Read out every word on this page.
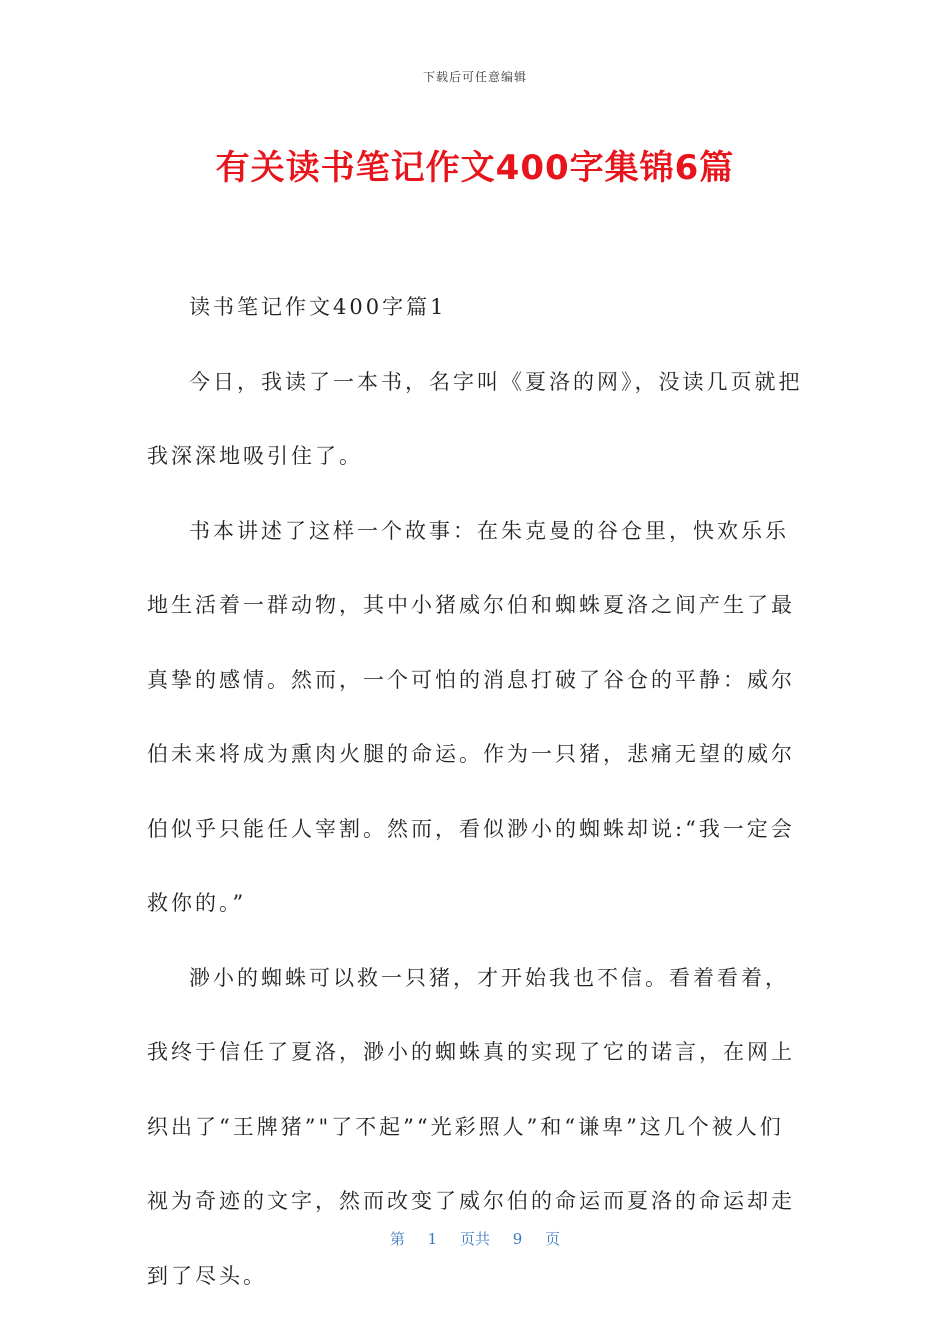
下载后可任意编辑
有关读书笔记作文400字集锦6篇

读书笔记作文400字篇1

今日，我读了一本书，名字叫《夏洛的网》，没读几页就把我深深地吸引住了。

书本讲述了这样一个故事：在朱克曼的谷仓里，快欢乐乐地生活着一群动物，其中小猪威尔伯和蜘蛛夏洛之间产生了最真挚的感情。然而，一个可怕的消息打破了谷仓的平静：威尔伯未来将成为熏肉火腿的命运。作为一只猪，悲痛无望的威尔伯似乎只能任人宰割。然而，看似渺小的蜘蛛却说:“我一定会救你的。”

渺小的蜘蛛可以救一只猪，才开始我也不信。看着看着，我终于信任了夏洛，渺小的蜘蛛真的实现了它的诺言，在网上织出了“王牌猪”"了不起”“光彩照人”和“谦卑”这几个被人们视为奇迹的文字，然而改变了威尔伯的命运而夏洛的命运却走到了尽头。

第 1 页共 9 页
